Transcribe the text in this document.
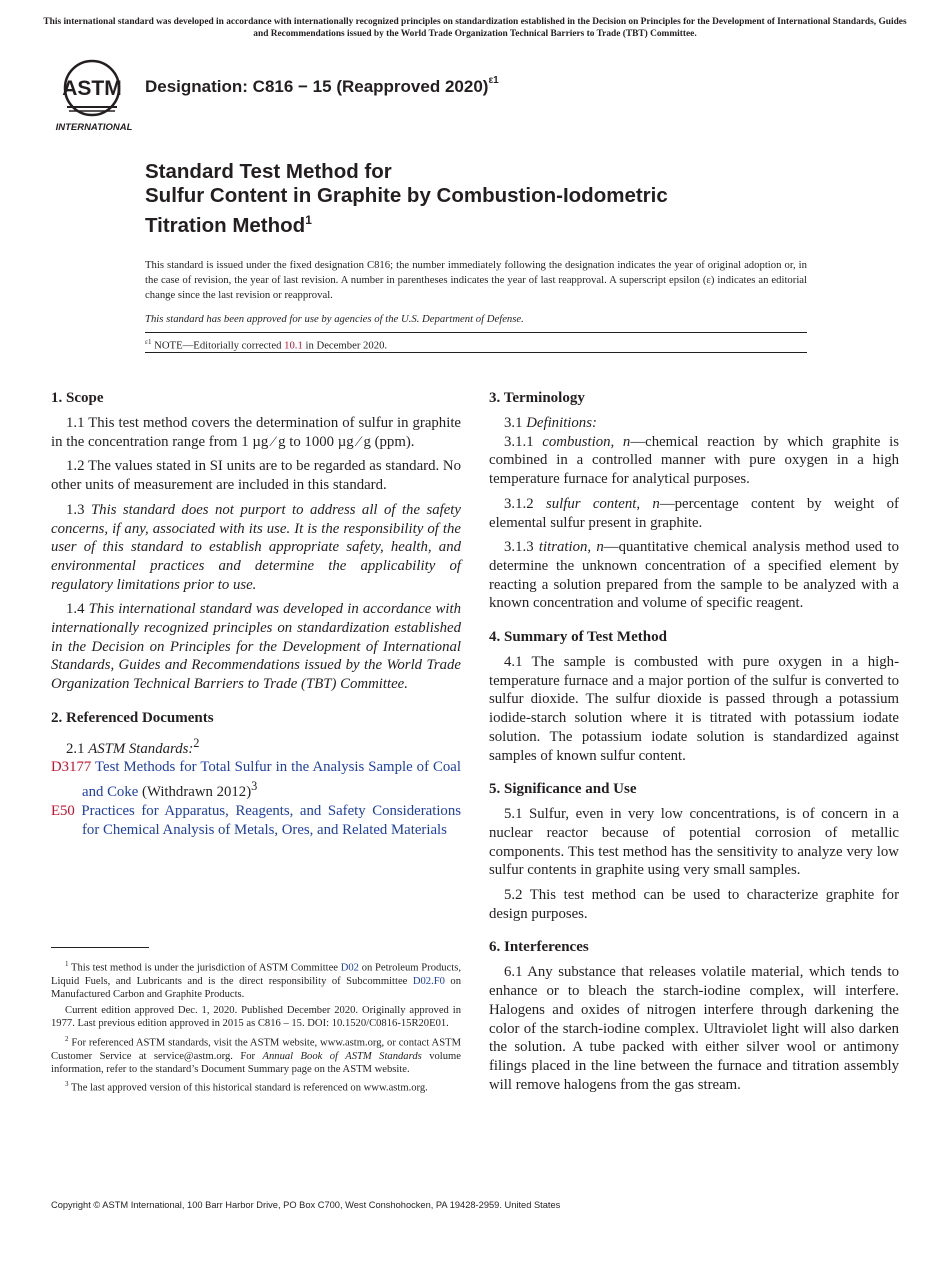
This international standard was developed in accordance with internationally recognized principles on standardization established in the Decision on Principles for the Development of International Standards, Guides and Recommendations issued by the World Trade Organization Technical Barriers to Trade (TBT) Committee.
ASTM
INTERNATIONAL
Designation: C816 − 15 (Reapproved 2020)$^{\varepsilon 1}$
Standard Test Method for
Sulfur Content in Graphite by Combustion-Iodometric
Titration Method$^1$
This standard is issued under the fixed designation C816; the number immediately following the designation indicates the year of original adoption or, in the case of revision, the year of last revision. A number in parentheses indicates the year of last reapproval. A superscript epsilon (ε) indicates an editorial change since the last revision or reapproval.
This standard has been approved for use by agencies of the U.S. Department of Defense.
$^{\varepsilon 1}$ NOTE—Editorially corrected 10.1 in December 2020.
1. Scope

1.1 This test method covers the determination of sulfur in graphite in the concentration range from 1 µg ⁄ g to 1000 µg ⁄ g (ppm).

1.2 The values stated in SI units are to be regarded as standard. No other units of measurement are included in this standard.

1.3 This standard does not purport to address all of the safety concerns, if any, associated with its use. It is the responsibility of the user of this standard to establish appropriate safety, health, and environmental practices and determine the applicability of regulatory limitations prior to use.

1.4 This international standard was developed in accordance with internationally recognized principles on standardization established in the Decision on Principles for the Development of International Standards, Guides and Recommendations issued by the World Trade Organization Technical Barriers to Trade (TBT) Committee.

2. Referenced Documents

2.1 ASTM Standards:$^2$

D3177 Test Methods for Total Sulfur in the Analysis Sample of Coal and Coke (Withdrawn 2012)$^3$

E50 Practices for Apparatus, Reagents, and Safety Considerations for Chemical Analysis of Metals, Ores, and Related Materials

3. Terminology

3.1 Definitions:

3.1.1 combustion, n—chemical reaction by which graphite is combined in a controlled manner with pure oxygen in a high temperature furnace for analytical purposes.

3.1.2 sulfur content, n—percentage content by weight of elemental sulfur present in graphite.

3.1.3 titration, n—quantitative chemical analysis method used to determine the unknown concentration of a specified element by reacting a solution prepared from the sample to be analyzed with a known concentration and volume of specific reagent.

4. Summary of Test Method

4.1 The sample is combusted with pure oxygen in a high-temperature furnace and a major portion of the sulfur is converted to sulfur dioxide. The sulfur dioxide is passed through a potassium iodide-starch solution where it is titrated with potassium iodate solution. The potassium iodate solution is standardized against samples of known sulfur content.

5. Significance and Use

5.1 Sulfur, even in very low concentrations, is of concern in a nuclear reactor because of potential corrosion of metallic components. This test method has the sensitivity to analyze very low sulfur contents in graphite using very small samples.

5.2 This test method can be used to characterize graphite for design purposes.

6. Interferences

6.1 Any substance that releases volatile material, which tends to enhance or to bleach the starch-iodine complex, will interfere. Halogens and oxides of nitrogen interfere through darkening the color of the starch-iodine complex. Ultraviolet light will also darken the solution. A tube packed with either silver wool or antimony filings placed in the line between the furnace and titration assembly will remove halogens from the gas stream.

$^1$ This test method is under the jurisdiction of ASTM Committee D02 on Petroleum Products, Liquid Fuels, and Lubricants and is the direct responsibility of Subcommittee D02.F0 on Manufactured Carbon and Graphite Products.

Current edition approved Dec. 1, 2020. Published December 2020. Originally approved in 1977. Last previous edition approved in 2015 as C816 – 15. DOI: 10.1520/C0816-15R20E01.

$^2$ For referenced ASTM standards, visit the ASTM website, www.astm.org, or contact ASTM Customer Service at service@astm.org. For Annual Book of ASTM Standards volume information, refer to the standard’s Document Summary page on the ASTM website.

$^3$ The last approved version of this historical standard is referenced on www.astm.org.

Copyright © ASTM International, 100 Barr Harbor Drive, PO Box C700, West Conshohocken, PA 19428-2959. United States
